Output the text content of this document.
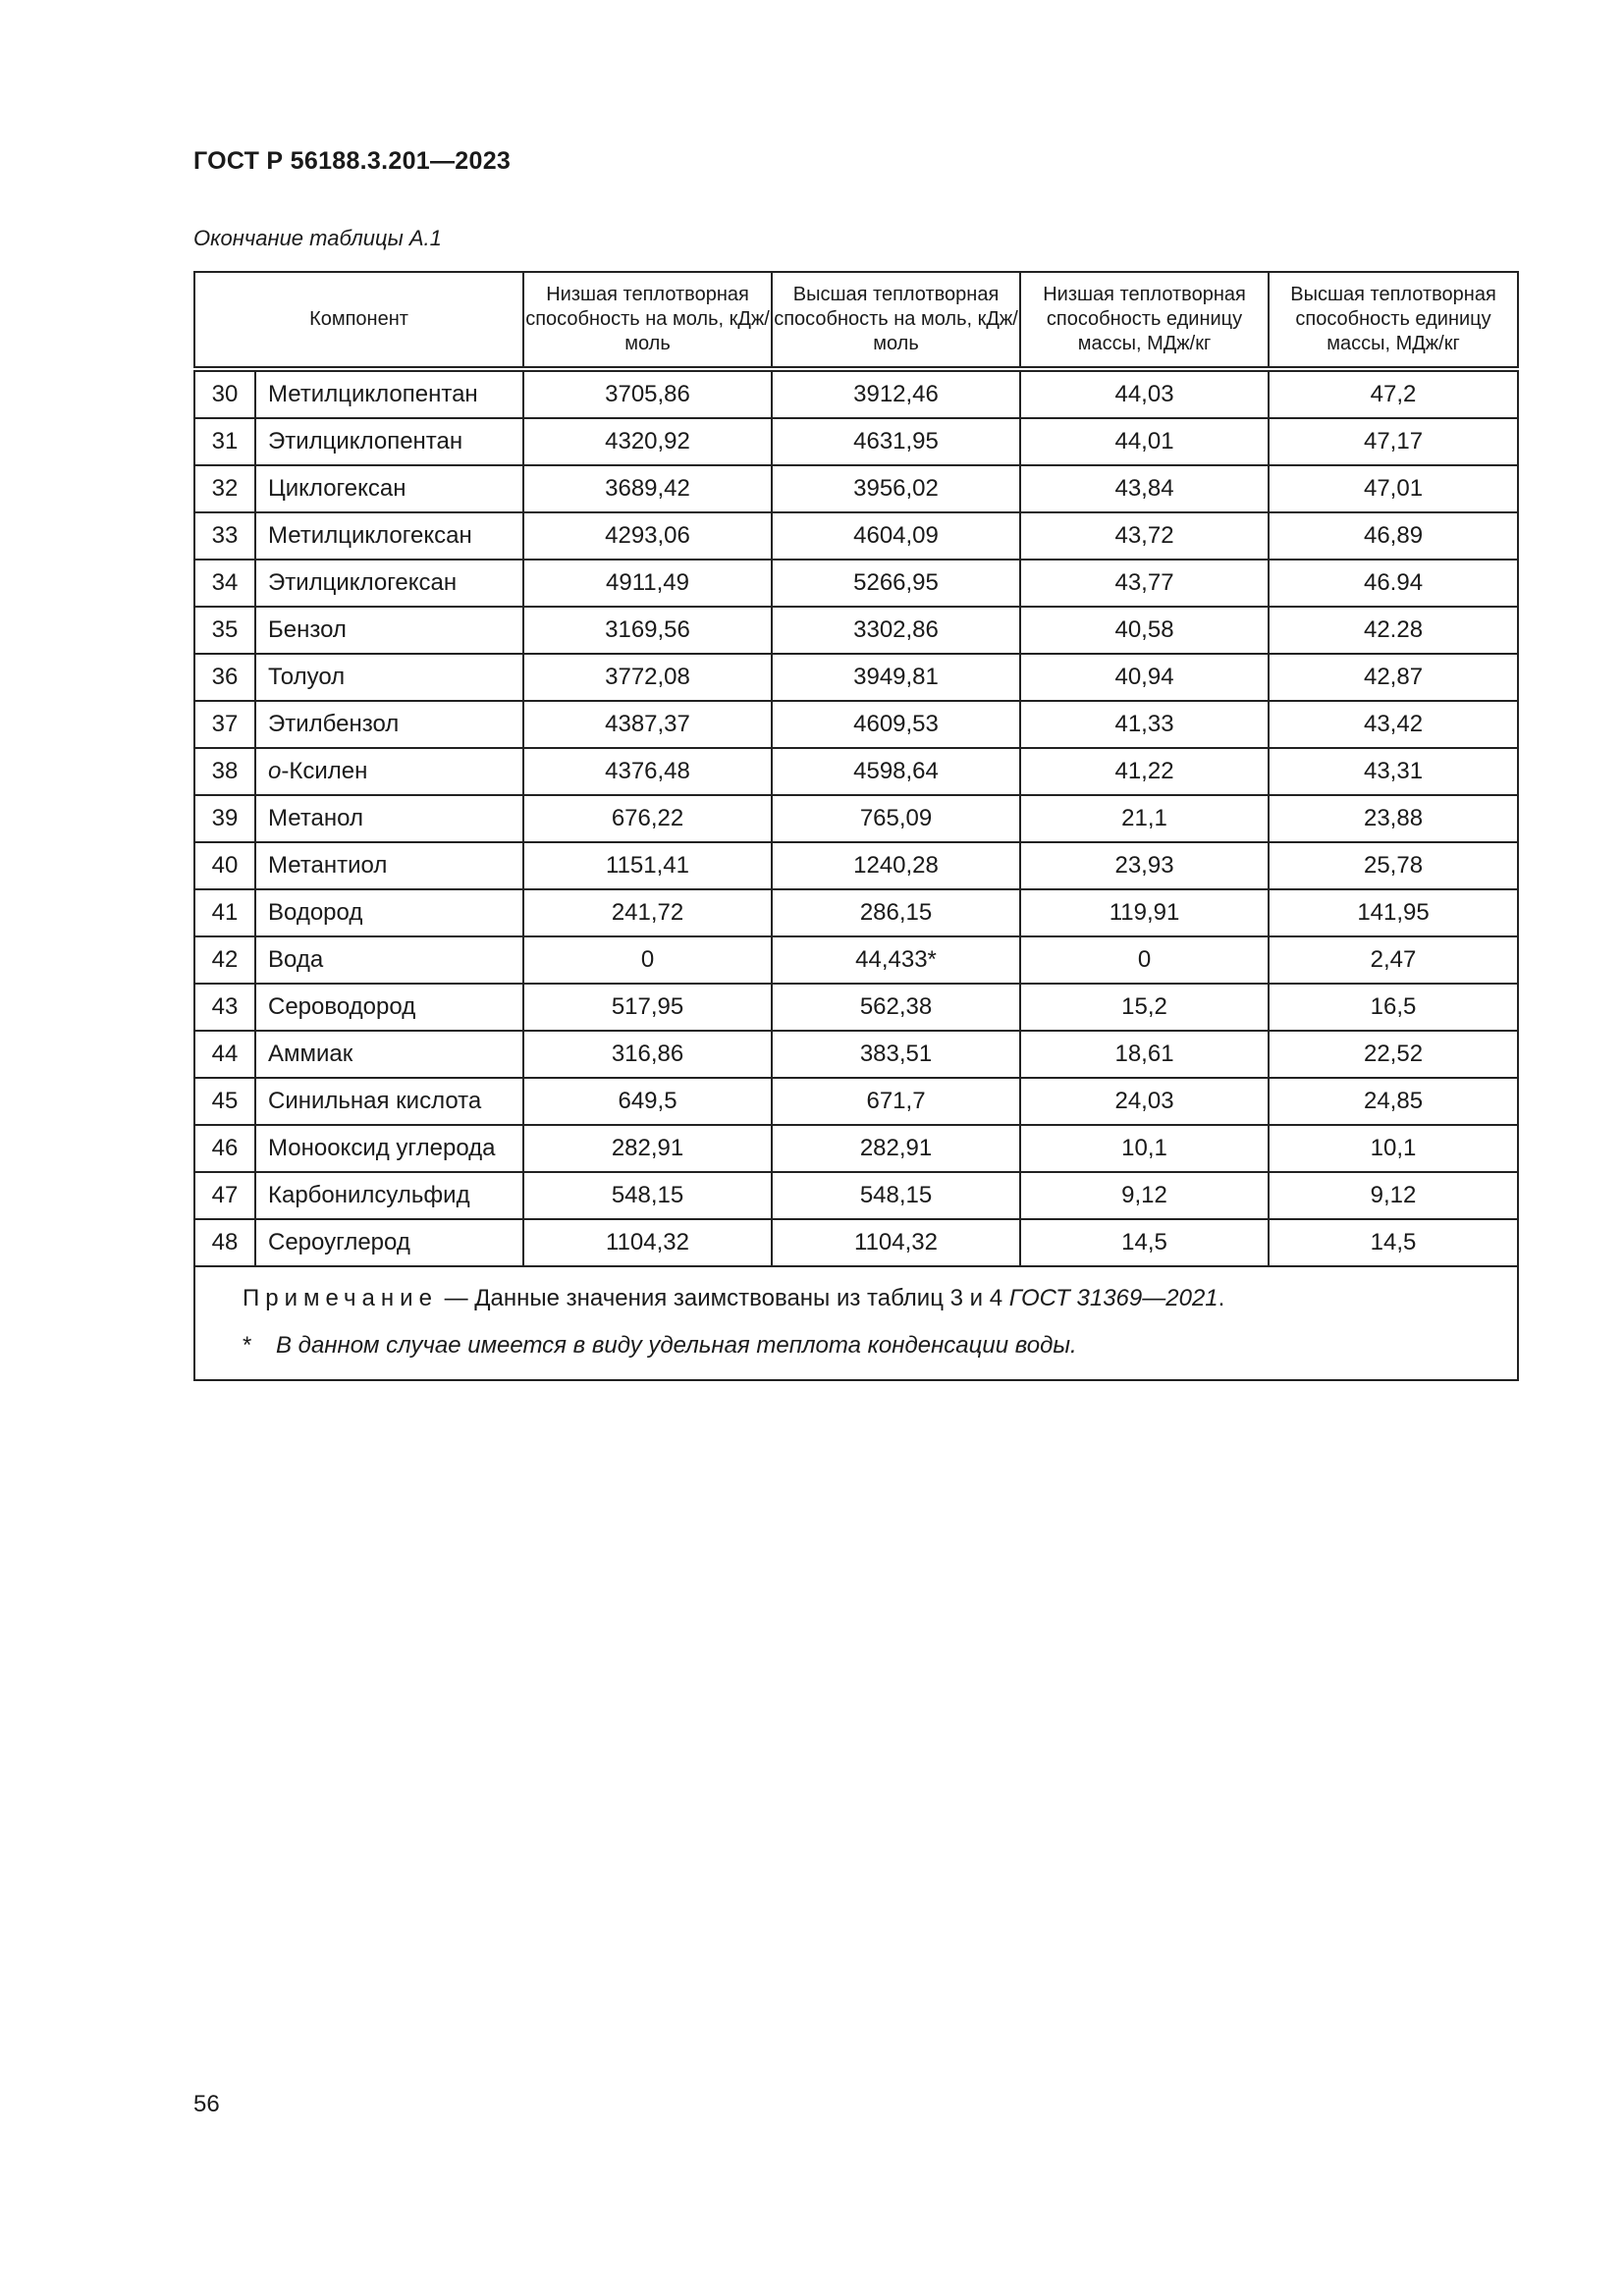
ГОСТ Р 56188.3.201—2023
Окончание таблицы А.1
Компонент		Низшая теплотворная способность на моль, кДж/моль	Высшая теплотворная способность на моль, кДж/моль	Низшая теплотворная способность единицу массы, МДж/кг	Высшая теплотворная способность единицу массы, МДж/кг
30	Метилциклопентан	3705,86	3912,46	44,03	47,2
31	Этилциклопентан	4320,92	4631,95	44,01	47,17
32	Циклогексан	3689,42	3956,02	43,84	47,01
33	Метилциклогексан	4293,06	4604,09	43,72	46,89
34	Этилциклогексан	4911,49	5266,95	43,77	46.94
35	Бензол	3169,56	3302,86	40,58	42.28
36	Толуол	3772,08	3949,81	40,94	42,87
37	Этилбензол	4387,37	4609,53	41,33	43,42
38	о-Ксилен	4376,48	4598,64	41,22	43,31
39	Метанол	676,22	765,09	21,1	23,88
40	Метантиол	1151,41	1240,28	23,93	25,78
41	Водород	241,72	286,15	119,91	141,95
42	Вода	0	44,433*	0	2,47
43	Сероводород	517,95	562,38	15,2	16,5
44	Аммиак	316,86	383,51	18,61	22,52
45	Синильная кислота	649,5	671,7	24,03	24,85
46	Монооксид углерода	282,91	282,91	10,1	10,1
47	Карбонилсульфид	548,15	548,15	9,12	9,12
48	Сероуглерод	1104,32	1104,32	14,5	14,5

Примечание — Данные значения заимствованы из таблиц 3 и 4 ГОСТ 31369—2021.
* В данном случае имеется в виду удельная теплота конденсации воды.					
56
